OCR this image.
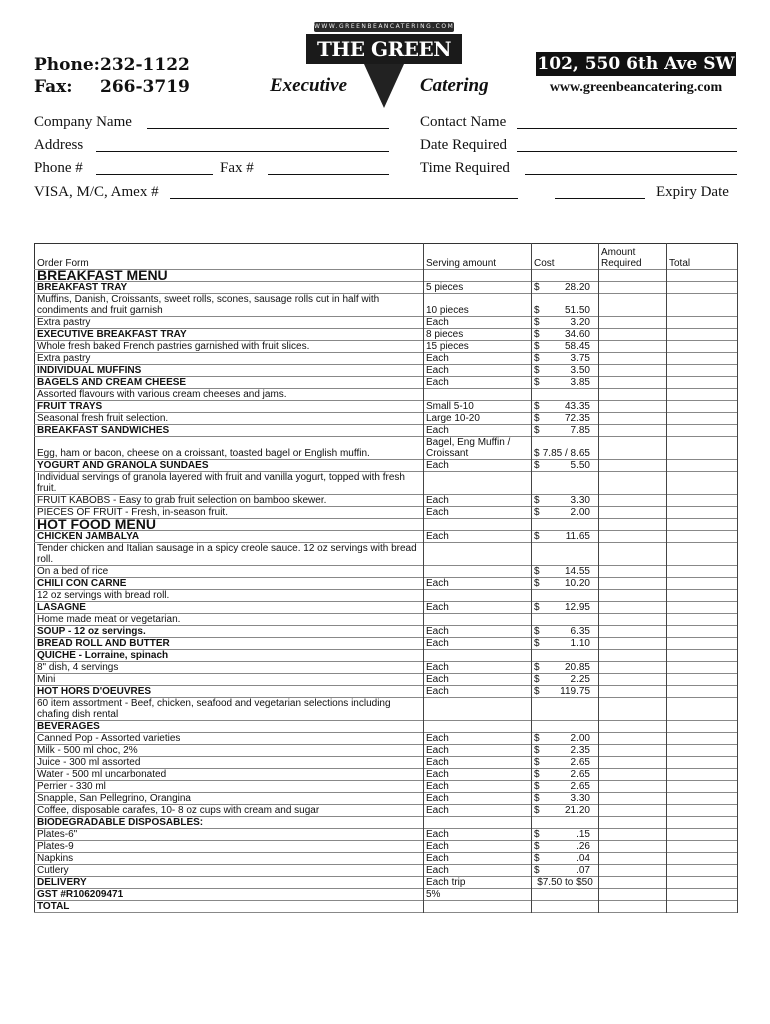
Phone:232-1122
Fax: 266-3719
WWW.GREENBEANCATERING.COM
THE GREEN BEAN
Executive	Catering
102, 550 6th Ave SW
www.greenbeancatering.com
Company Name
Address
Phone #	Fax #
VISA, M/C, Amex #
Contact Name
Date Required
Time Required
Expiry Date
Order Form	Serving amount	Cost	Amount Required	Total
BREAKFAST MENU				
BREAKFAST TRAY	5 pieces	$ 28.20		

Muffins, Danish, Croissants, sweet rolls, scones, sausage rolls cut in half with condiments and fruit garnish	10 pieces	$ 51.50		

Extra pastry	Each	$ 3.20		

EXECUTIVE BREAKFAST TRAY	8 pieces	$ 34.60		

Whole fresh baked French pastries garnished with fruit slices.	15 pieces	$ 58.45		

Extra pastry	Each	$ 3.75		

INDIVIDUAL MUFFINS	Each	$ 3.50		

BAGELS AND CREAM CHEESE	Each	$ 3.85		

Assorted flavours with various cream cheeses and jams.				
FRUIT TRAYS	Small 5-10	$ 43.35		

Seasonal fresh fruit selection.	Large 10-20	$ 72.35		

BREAKFAST SANDWICHES	Each	$ 7.85		

Egg, ham or bacon, cheese on a croissant, toasted bagel or English muffin.	Bagel, Eng Muffin / Croissant	$ 7.85 / 8.65		

YOGURT AND GRANOLA SUNDAES	Each	$ 5.50		

Individual servings of granola layered with fruit and vanilla yogurt, topped with fresh fruit.				
FRUIT KABOBS - Easy to grab fruit selection on bamboo skewer.	Each	$ 3.30		

PIECES OF FRUIT - Fresh, in-season fruit.	Each	$ 2.00		

HOT FOOD MENU				
CHICKEN JAMBALYA	Each	$ 11.65		

Tender chicken and Italian sausage in a spicy creole sauce. 12 oz servings with bread roll.				
On a bed of rice		$ 14.55		

CHILI CON CARNE	Each	$ 10.20		

12 oz servings with bread roll.				
LASAGNE	Each	$ 12.95		

Home made meat or vegetarian.				
SOUP - 12 oz servings.	Each	$ 6.35		

BREAD ROLL AND BUTTER	Each	$ 1.10		

QUICHE - Lorraine, spinach				
8" dish, 4 servings	Each	$ 20.85		

Mini	Each	$ 2.25		

HOT HORS D'OEUVRES	Each	$ 119.75		

60 item assortment - Beef, chicken, seafood and vegetarian selections including chafing dish rental				
BEVERAGES				
Canned Pop - Assorted varieties	Each	$ 2.00		

Milk - 500 ml choc, 2%	Each	$ 2.35		

Juice - 300 ml assorted	Each	$ 2.65		

Water - 500 ml uncarbonated	Each	$ 2.65		

Perrier - 330 ml	Each	$ 2.65		

Snapple, San Pellegrino, Orangina	Each	$ 3.30		

Coffee, disposable carafes, 10- 8 oz cups with cream and sugar	Each	$ 21.20		

BIODEGRADABLE DISPOSABLES:				
Plates-6"	Each	$ .15		

Plates-9	Each	$ .26		

Napkins	Each	$ .04		

Cutlery	Each	$ .07		

DELIVERY	Each trip	$7.50 to $50		
GST #R106209471	5%			
TOTAL				
